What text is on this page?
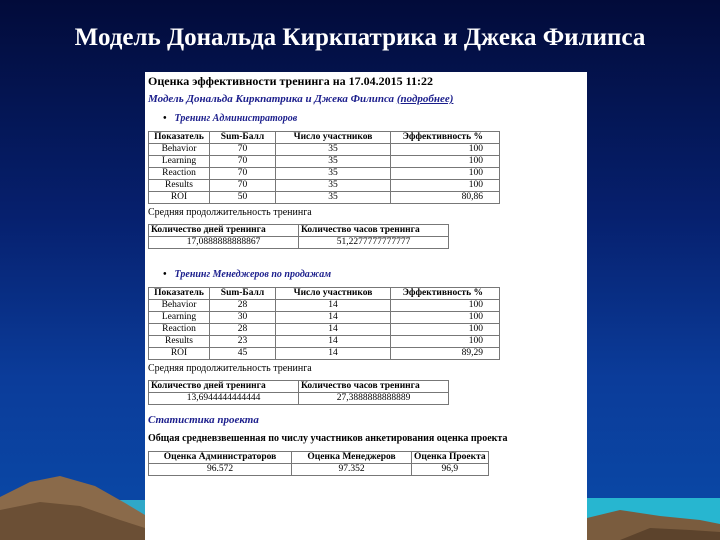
Модель Дональда Киркпатрика и Джека Филипса
Оценка эффективности тренинга на 17.04.2015 11:22
Модель Дональда Киркпатрика и Джека Филипса (подробнее)
• Тренинг Администраторов
Показатель	Sum-Балл	Число участников	Эффективность %	
Behavior	70	35	100	
Learning	70	35	100	
Reaction	70	35	100	
Results	70	35	100	
ROI	50	35	80,86	
Средняя продолжительность тренинга
Количество дней тренинга	Количество часов тренинга
17,0888888888867	51,2277777777777
• Тренинг Менеджеров по продажам
Показатель	Sum-Балл	Число участников	Эффективность %	
Behavior	28	14	100	
Learning	30	14	100	
Reaction	28	14	100	
Results	23	14	100	
ROI	45	14	89,29	
Средняя продолжительность тренинга
Количество дней тренинга	Количество часов тренинга
13,6944444444444	27,3888888888889
Статистика проекта
Общая средневзвешенная по числу участников анкетирования оценка проекта
Оценка Администраторов	Оценка Менеджеров	Оценка Проекта
96.572	97.352	96,9
